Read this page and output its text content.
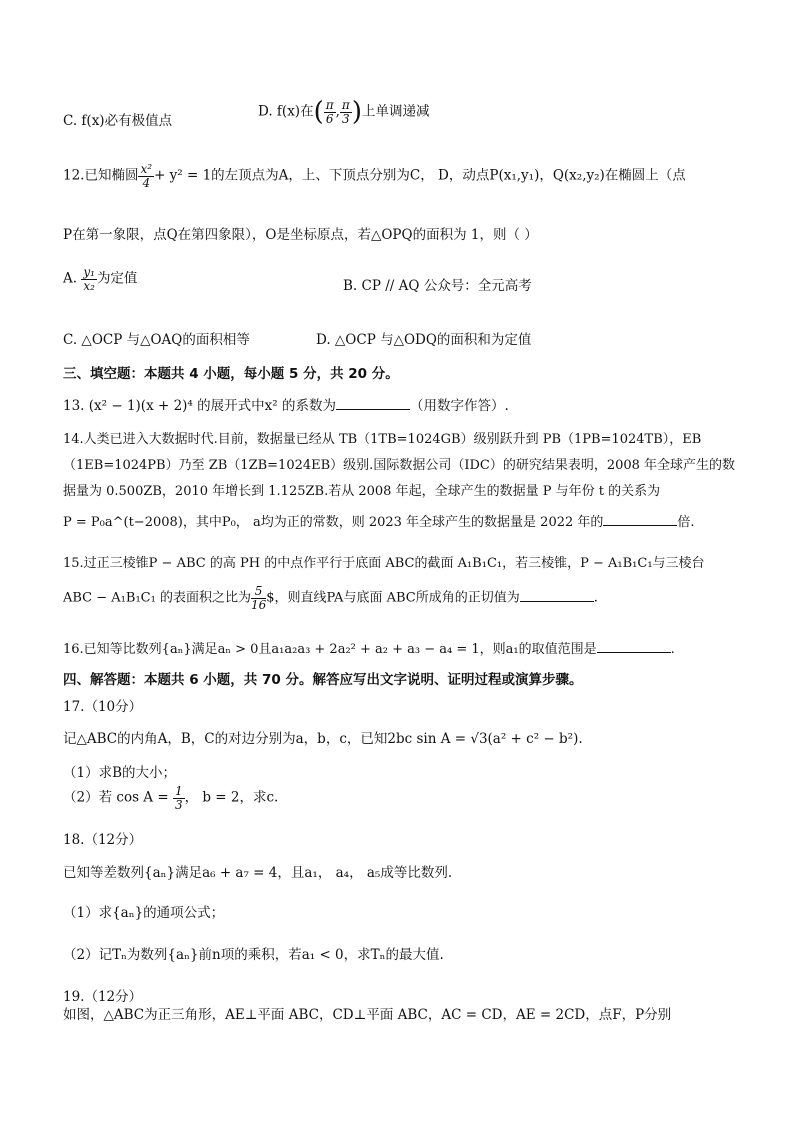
C. f(x)必有极值点
D. f(x)在( $\frac{\pi}{6}$ , $\frac{\pi}{3}$ )上单调递减
12.已知椭圆 $\frac{\text{x²}}{4} + y^2 = 1$的左顶点为A，上、下顶点分别为C， D，动点P(x₁,y₁)，Q(x₂,y₂)在椭圆上（点
P在第一象限，点Q在第四象限），O是坐标原点，若△OPQ的面积为 1，则（ ）
A. $\frac{\text{y₁}}{\text{x₂}}$ 为定值	B. CP // AQ 公众号：全元高考
C. △OCP 与△OAQ的面积相等	D. △OCP 与△ODQ的面积和为定值
三、填空题：本题共 4 小题，每小题 5 分，共 20 分。
13. (x² − 1)(x + 2)⁴ 的展开式中x² 的系数为	（用数字作答）.
14.人类已进入大数据时代.目前，数据量已经从 TB（1TB=1024GB）级别跃升到 PB（1PB=1024TB），EB
（1EB=1024PB）乃至 ZB（1ZB=1024EB）级别.国际数据公司（IDC）的研究结果表明，2008 年全球产生的数
据量为 0.500ZB，2010 年增长到 1.125ZB.若从 2008 年起，全球产生的数据量 P 与年份 t 的关系为
P = P₀a^(t−2008)，其中P₀， a均为正的常数，则 2023 年全球产生的数据量是 2022 年的	倍.
15.过正三棱锥P − ABC 的高 PH 的中点作平行于底面 ABC的截面 A₁B₁C₁，若三棱锥，P − A₁B₁C₁与三棱台
ABC − A₁B₁C₁ 的表面积之比为 $\frac{5}{16}$ $，则直线PA与底面 ABC所成角的正切值为	.
16.已知等比数列{aₙ}满足aₙ > 0且a₁a₂a₃ + 2a₂² + a₂ + a₃ − a₄ = 1，则a₁的取值范围是	.
四、解答题：本题共 6 小题，共 70 分。解答应写出文字说明、证明过程或演算步骤。
17.（10分）
记△ABC的内角A，B，C的对边分别为a，b，c，已知2bc sin A = √3(a² + c² − b²).
（1）求B的大小；
（2）若 $\cos A = \frac{1}{3}$ ， b = 2，求c.
18.（12分）
已知等差数列{aₙ}满足a₆ + a₇ = 4，且a₁， a₄， a₅成等比数列.
（1）求{aₙ}的通项公式；
（2）记Tₙ为数列{aₙ}前n项的乘积，若a₁ < 0，求Tₙ的最大值.
19.（12分）
如图，△ABC为正三角形，AE⊥平面 ABC，CD⊥平面 ABC，AC = CD，AE = 2CD，点F，P分别
